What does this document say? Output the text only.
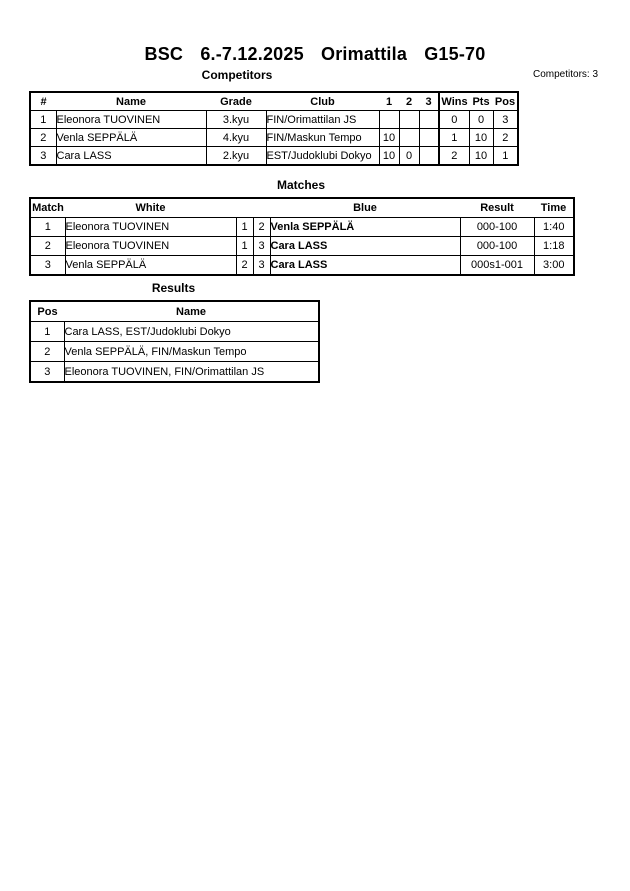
BSC 6.-7.12.2025 Orimattila G15-70
Competitors	Competitors: 3
#	Name	Grade	Club	1	2	3	Wins	Pts	Pos
1	Eleonora TUOVINEN	3.kyu	FIN/Orimattilan JS				0	0	3
2	Venla SEPPÄLÄ	4.kyu	FIN/Maskun Tempo	10			1	10	2
3	Cara LASS	2.kyu	EST/Judoklubi Dokyo	10	0		2	10	1
Matches
Match	White			Blue	Result	Time
1	Eleonora TUOVINEN	1	2	Venla SEPPÄLÄ	000-100	1:40
2	Eleonora TUOVINEN	1	3	Cara LASS	000-100	1:18
3	Venla SEPPÄLÄ	2	3	Cara LASS	000s1-001	3:00
Results
Pos	Name
1	Cara LASS, EST/Judoklubi Dokyo
2	Venla SEPPÄLÄ, FIN/Maskun Tempo
3	Eleonora TUOVINEN, FIN/Orimattilan JS
